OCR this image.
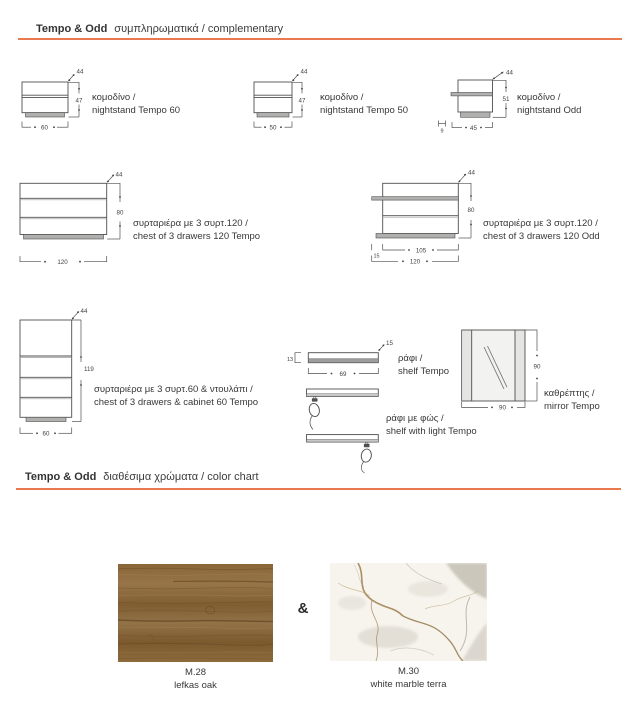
Tempo & Odd συμπληρωματικά / complementary
44
47
60
44
47
50
44
51
9	45
44
80
120
44
80
105
15
120
44
119
60
15
13
69
90
90
κομοδίνο /
nightstand Tempo 60
κομοδίνο /
nightstand Tempo 50
κομοδίνο /
nightstand Odd
συρταριέρα με 3 συρτ.120 /
chest of 3 drawers 120 Tempo
συρταριέρα με 3 συρτ.120 /
chest of 3 drawers 120 Odd
συρταριέρα με 3 συρτ.60 & ντουλάπι /
chest of 3 drawers & cabinet 60 Tempo
ράφι /
shelf Tempo
ράφι με φώς /
shelf with light Tempo
καθρέπτης /
mirror Tempo
Tempo & Odd διαθέσιμα χρώματα / color chart
&
M.28
lefkas oak
M.30
white marble terra
